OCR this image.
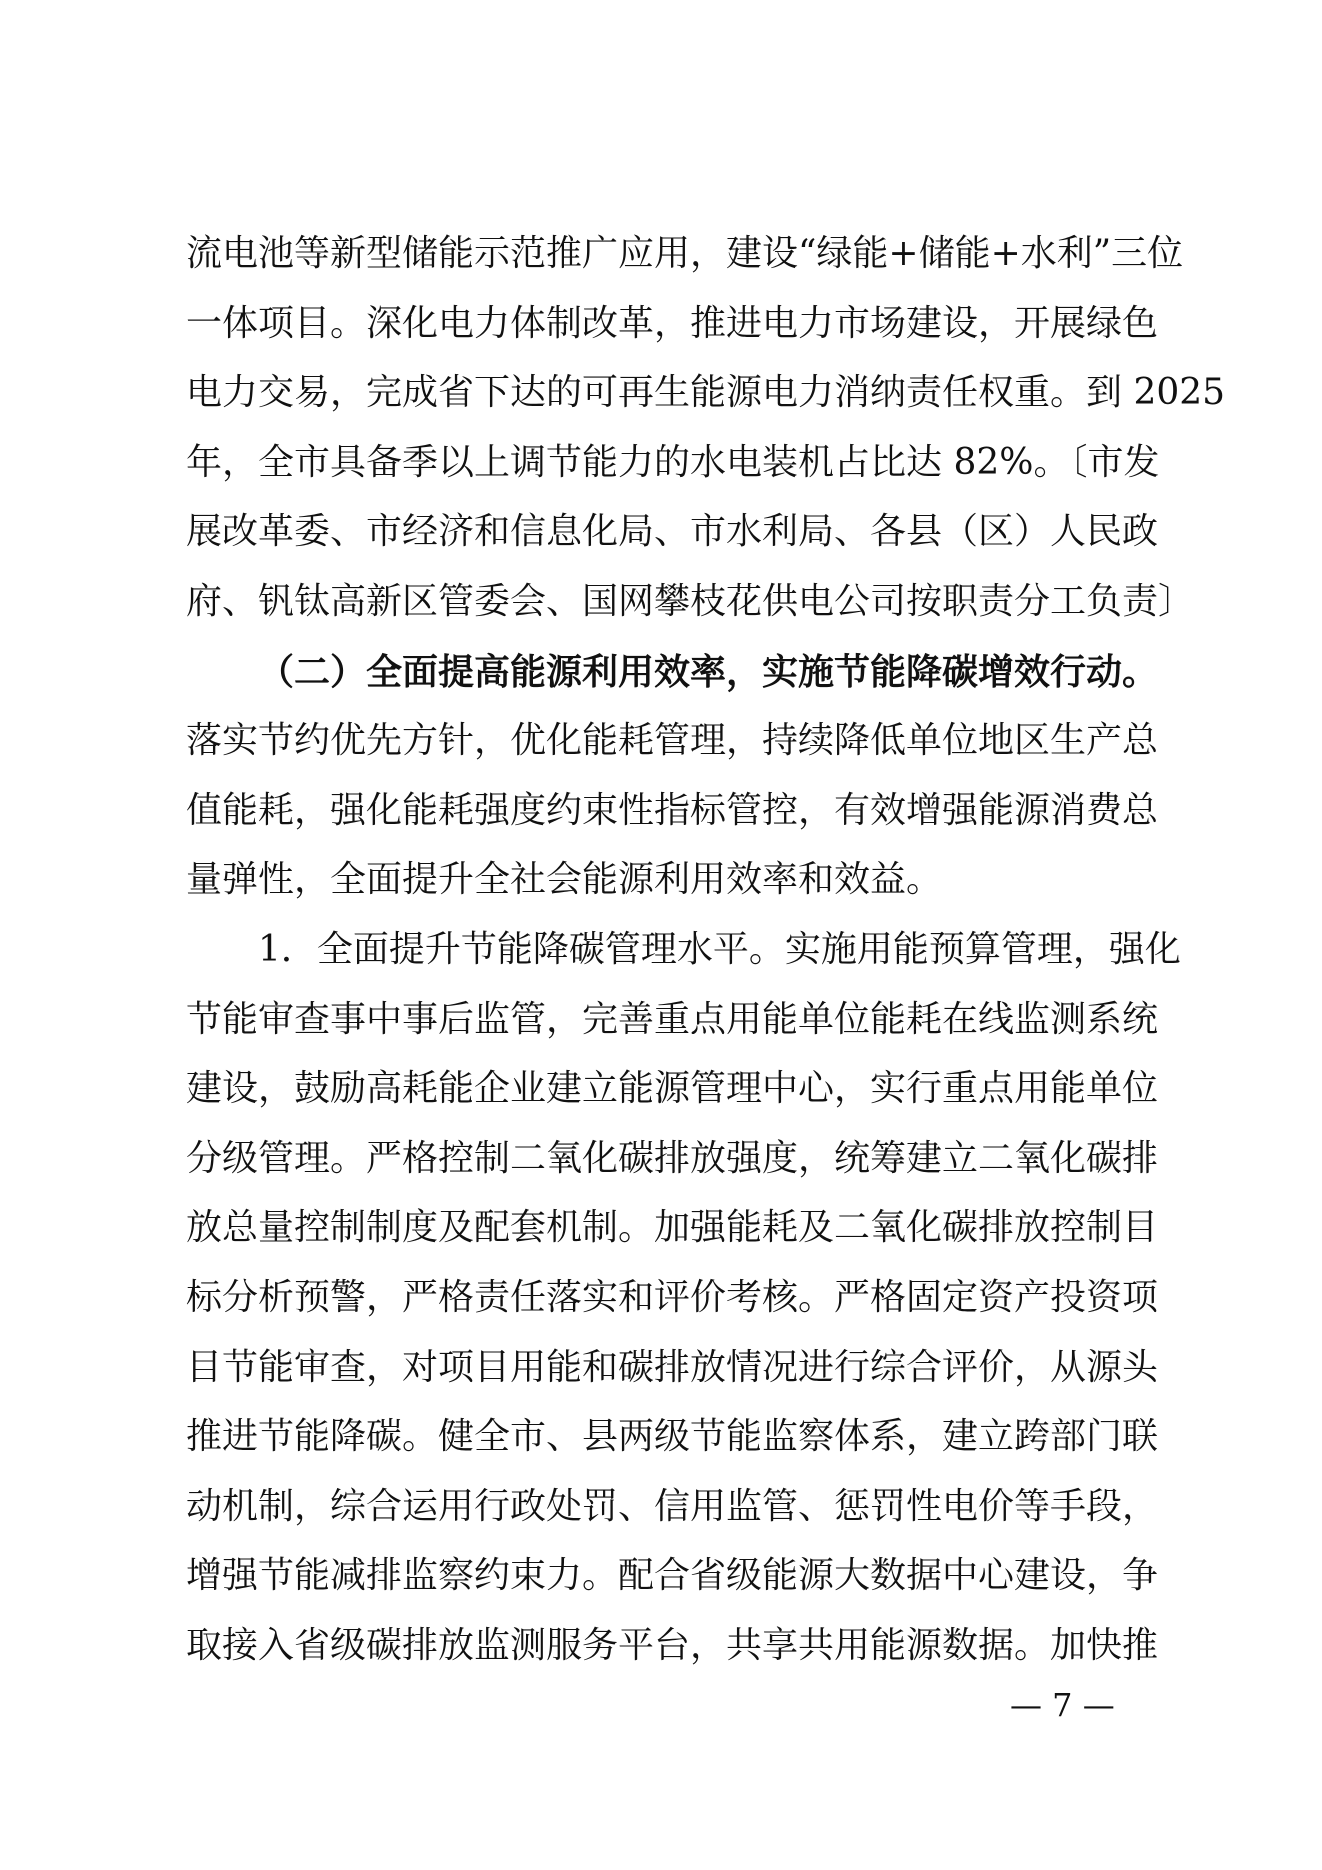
流电池等新型储能示范推广应用，建设“绿能+储能+水利”三位
一体项目。深化电力体制改革，推进电力市场建设，开展绿色
电力交易，完成省下达的可再生能源电力消纳责任权重。到 2025
年，全市具备季以上调节能力的水电装机占比达 82%。〔市发
展改革委、市经济和信息化局、市水利局、各县（区）人民政
府、钒钛高新区管委会、国网攀枝花供电公司按职责分工负责〕
（二）全面提高能源利用效率，实施节能降碳增效行动。
落实节约优先方针，优化能耗管理，持续降低单位地区生产总
值能耗，强化能耗强度约束性指标管控，有效增强能源消费总
量弹性，全面提升全社会能源利用效率和效益。
1．全面提升节能降碳管理水平。实施用能预算管理，强化
节能审查事中事后监管，完善重点用能单位能耗在线监测系统
建设，鼓励高耗能企业建立能源管理中心，实行重点用能单位
分级管理。严格控制二氧化碳排放强度，统筹建立二氧化碳排
放总量控制制度及配套机制。加强能耗及二氧化碳排放控制目
标分析预警，严格责任落实和评价考核。严格固定资产投资项
目节能审查，对项目用能和碳排放情况进行综合评价，从源头
推进节能降碳。健全市、县两级节能监察体系，建立跨部门联
动机制，综合运用行政处罚、信用监管、惩罚性电价等手段，
增强节能减排监察约束力。配合省级能源大数据中心建设，争
取接入省级碳排放监测服务平台，共享共用能源数据。加快推
— 7 —
